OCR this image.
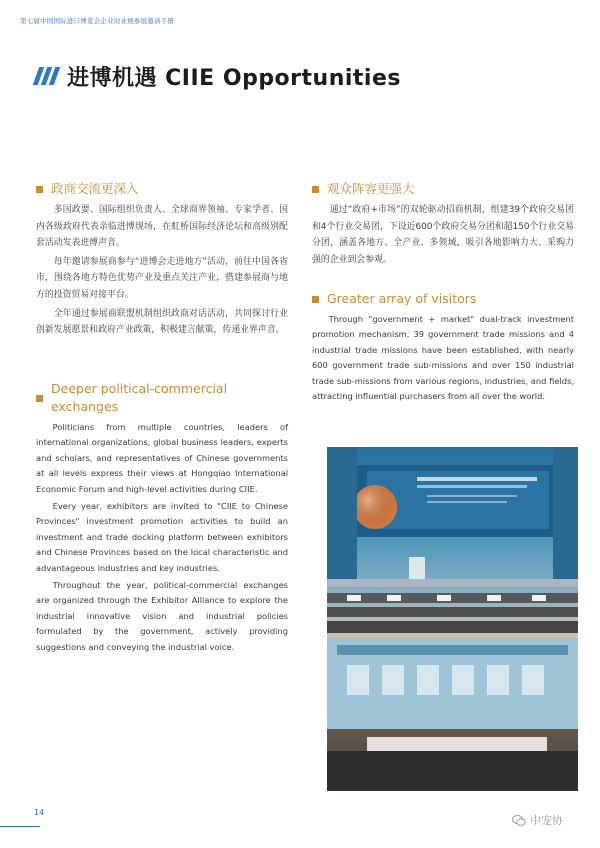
第七届中国国际进口博览会企业商业展参展邀请手册
进博机遇 CIIE Opportunities
政商交流更深入

多国政要、国际组织负责人、全球商界领袖、专家学者、国内各级政府代表亲临进博现场，在虹桥国际经济论坛和高级别配套活动发表进博声音。

每年邀请参展商参与“进博会走进地方”活动，前往中国各省市，围绕各地方特色优势产业及重点关注产业，搭建参展商与地方的投资贸易对接平台。

全年通过参展商联盟机制组织政商对话活动，共同探讨行业创新发展愿景和政府产业政策，积极建言献策，传递业界声音。

Deeper political-commercial exchanges

Politicians from multiple countries, leaders of international organizations, global business leaders, experts and scholars, and representatives of Chinese governments at all levels express their views at Hongqiao International Economic Forum and high-level activities during CIIE.

Every year, exhibitors are invited to "CIIE to Chinese Provinces" investment promotion activities to build an investment and trade docking platform between exhibitors and Chinese Provinces based on the local characteristic and advantageous industries and key industries.

Throughout the year, political-commercial exchanges are organized through the Exhibitor Alliance to explore the industrial innovative vision and industrial policies formulated by the government, actively providing suggestions and conveying the industrial voice.

观众阵容更强大

通过“政府+市场”的双轮驱动招商机制，组建39个政府交易团和4个行业交易团，下设近600个政府交易分团和超150个行业交易分团，涵盖各地方、全产业、多领域，吸引各地影响力大、采购力强的企业到会参观。

Greater array of visitors

Through "government + market" dual-track investment promotion mechanism, 39 government trade missions and 4 industrial trade missions have been established, with nearly 600 government trade sub-missions and over 150 industrial trade sub-missions from various regions, industries, and fields, attracting influential purchasers from all over the world.

14
中宠协
